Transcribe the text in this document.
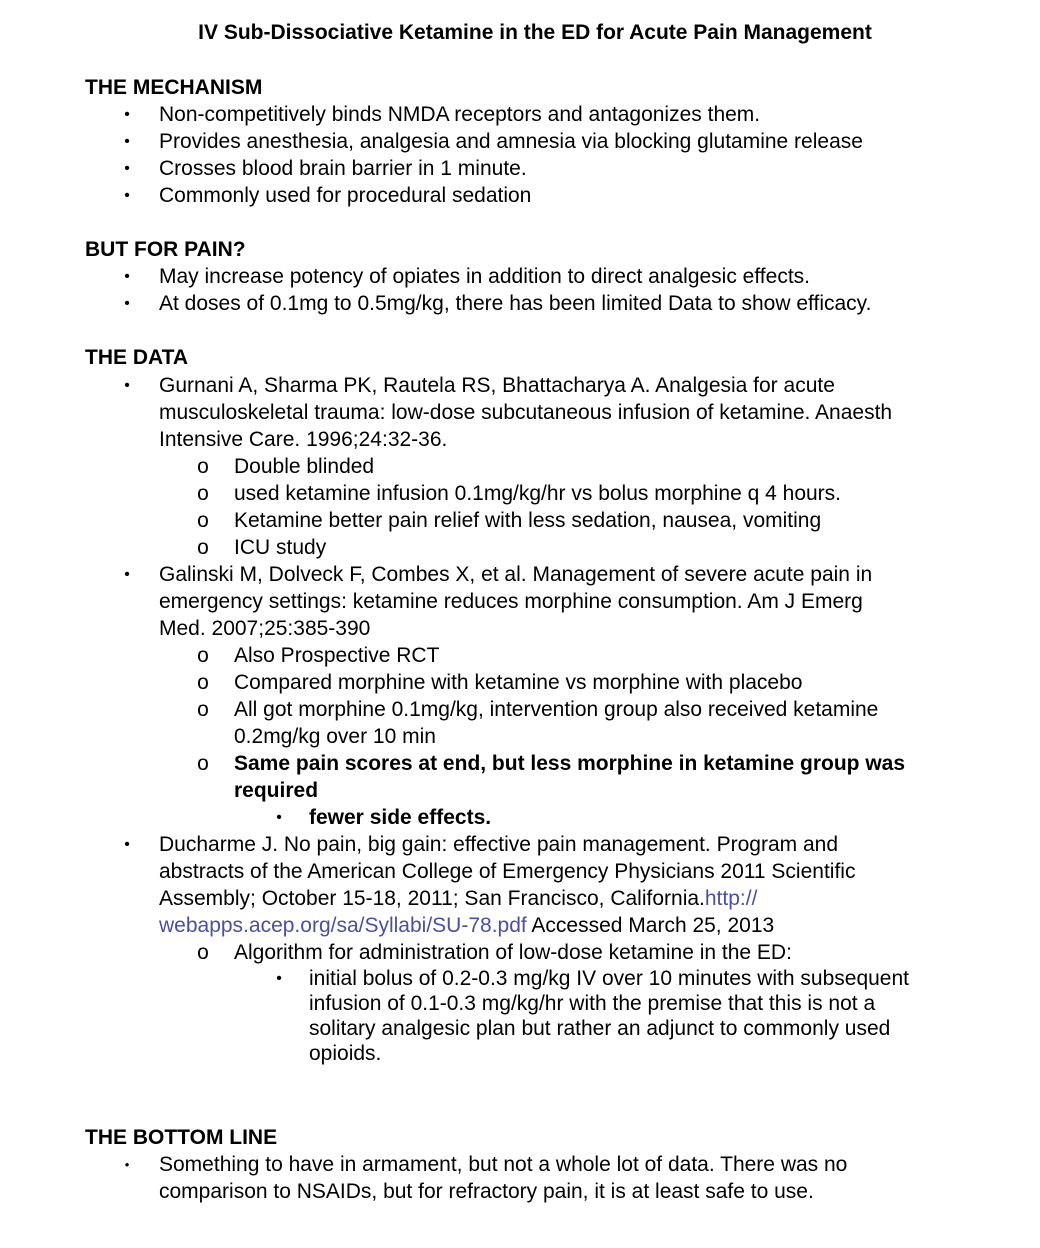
IV Sub-Dissociative Ketamine in the ED for Acute Pain Management
THE MECHANISM
•	Non-competitively binds NMDA receptors and antagonizes them.
•	Provides anesthesia, analgesia and amnesia via blocking glutamine release
•	Crosses blood brain barrier in 1 minute.
•	Commonly used for procedural sedation
BUT FOR PAIN?
•	May increase potency of opiates in addition to direct analgesic effects.
•	At doses of 0.1mg to 0.5mg/kg, there has been limited Data to show efficacy.
THE DATA
•	Gurnani A, Sharma PK, Rautela RS, Bhattacharya A. Analgesia for acute
musculoskeletal trauma: low-dose subcutaneous infusion of ketamine. Anaesth
Intensive Care. 1996;24:32-36.
o Double blinded
o used ketamine infusion 0.1mg/kg/hr vs bolus morphine q 4 hours.
o Ketamine better pain relief with less sedation, nausea, vomiting
o ICU study
•	Galinski M, Dolveck F, Combes X, et al. Management of severe acute pain in
emergency settings: ketamine reduces morphine consumption. Am J Emerg
Med. 2007;25:385-390
o Also Prospective RCT
o Compared morphine with ketamine vs morphine with placebo
o All got morphine 0.1mg/kg, intervention group also received ketamine
0.2mg/kg over 10 min
o Same pain scores at end, but less morphine in ketamine group was
required
•	fewer side effects.
•	Ducharme J. No pain, big gain: effective pain management. Program and
abstracts of the American College of Emergency Physicians 2011 Scientific
Assembly; October 15-18, 2011; San Francisco, California.http://
webapps.acep.org/sa/Syllabi/SU-78.pdf Accessed March 25, 2013
o Algorithm for administration of low-dose ketamine in the ED:
•	initial bolus of 0.2-0.3 mg/kg IV over 10 minutes with subsequent
infusion of 0.1-0.3 mg/kg/hr with the premise that this is not a
solitary analgesic plan but rather an adjunct to commonly used
opioids.
THE BOTTOM LINE
•	Something to have in armament, but not a whole lot of data. There was no
comparison to NSAIDs, but for refractory pain, it is at least safe to use.
